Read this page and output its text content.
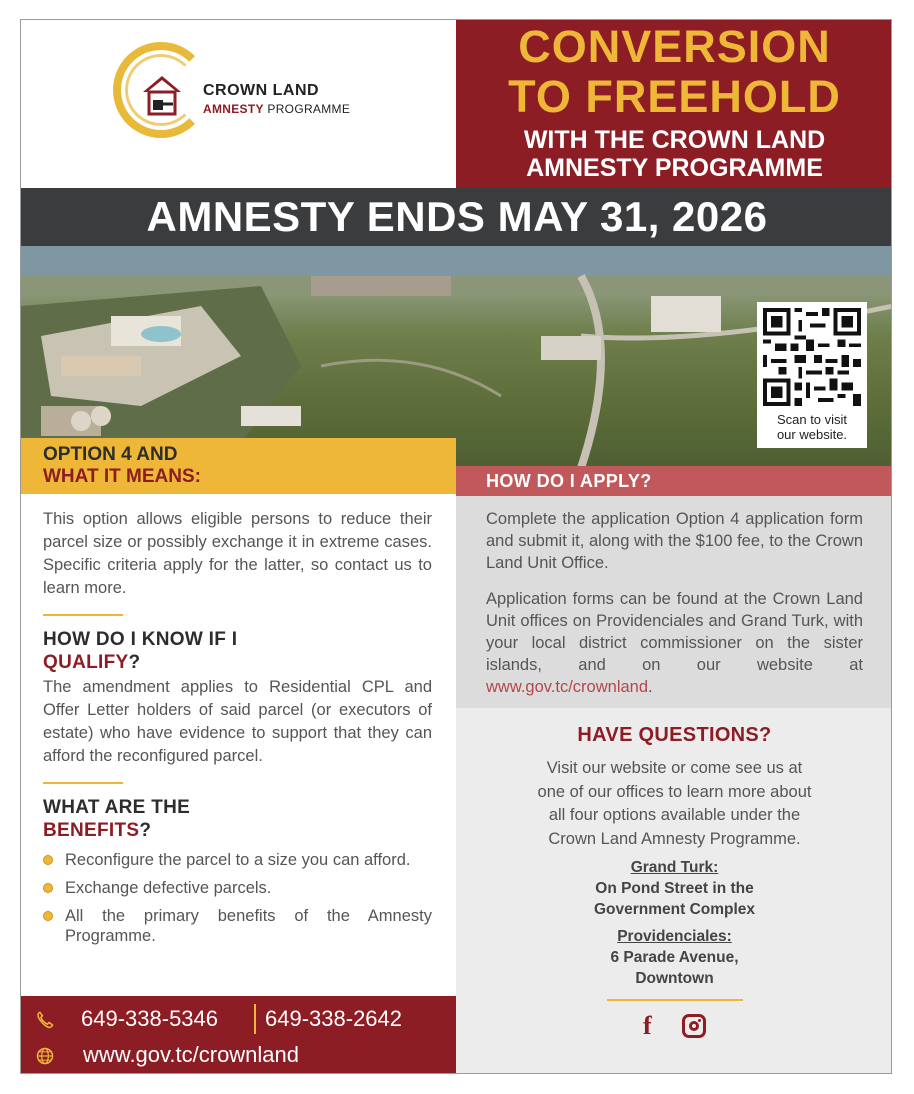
CROWN LAND
AMNESTY PROGRAMME
CONVERSION
TO FREEHOLD
WITH THE CROWN LAND
AMNESTY PROGRAMME
AMNESTY ENDS MAY 31, 2026
Scan to visit
our website.
OPTION 4 AND
WHAT IT MEANS:

This option allows eligible persons to reduce their parcel size or possibly exchange it in extreme cases. Specific criteria apply for the latter, so contact us to learn more.

HOW DO I KNOW IF I
QUALIFY?

The amendment applies to Residential CPL and Offer Letter holders of said parcel (or executors of estate) who have evidence to support that they can afford the reconfigured parcel.

WHAT ARE THE
BENEFITS?
Reconfigure the parcel to a size you can afford.
Exchange defective parcels.
All the primary benefits of the Amnesty Programme.
649-338-5346 649-338-2642
www.gov.tc/crownland
HOW DO I APPLY?

Complete the application Option 4 application form and submit it, along with the $100 fee, to the Crown Land Unit Office.

Application forms can be found at the Crown Land Unit offices on Providenciales and Grand Turk, with your local district commissioner on the sister islands, and on our website at www.gov.tc/crownland.

HAVE QUESTIONS?
Visit our website or come see us at one of our offices to learn more about all four options available under the Crown Land Amnesty Programme.
Grand Turk:
On Pond Street in the
Government Complex
Providenciales:
6 Parade Avenue,
Downtown
f
